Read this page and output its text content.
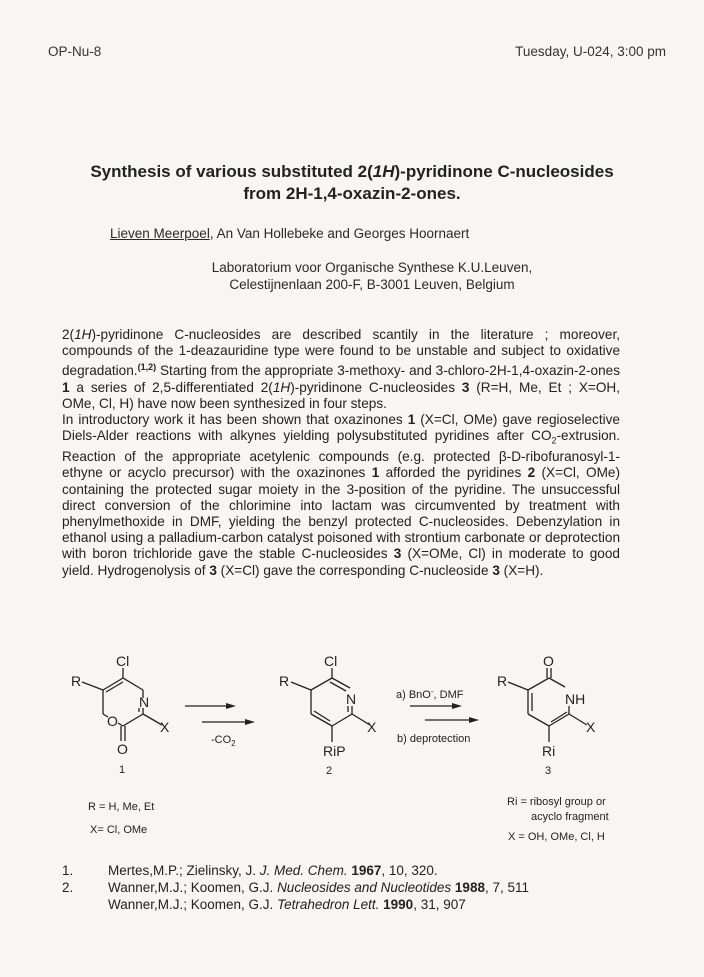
OP-Nu-8	Tuesday, U-024, 3:00 pm
Synthesis of various substituted 2(1H)-pyridinone C-nucleosides
from 2H-1,4-oxazin-2-ones.
Lieven Meerpoel, An Van Hollebeke and Georges Hoornaert
Laboratorium voor Organische Synthese K.U.Leuven,
Celestijnenlaan 200-F, B-3001 Leuven, Belgium

2(1H)-pyridinone C-nucleosides are described scantily in the literature ; moreover, compounds of the 1-deazauridine type were found to be unstable and subject to oxidative degradation.$^{(1,2)}$ Starting from the appropriate 3-methoxy- and 3-chloro-2H-1,4-oxazin-2-ones 1 a series of 2,5-differentiated 2(1H)-pyridinone C-nucleosides 3 (R=H, Me, Et ; X=OH, OMe, Cl, H) have now been synthesized in four steps.

In introductory work it has been shown that oxazinones 1 (X=Cl, OMe) gave regioselective Diels-Alder reactions with alkynes yielding polysubstituted pyridines after $CO_2$-extrusion. Reaction of the appropriate acetylenic compounds (e.g. protected β-D-ribofuranosyl-1-ethyne or acyclo precursor) with the oxazinones 1 afforded the pyridines 2 (X=Cl, OMe) containing the protected sugar moiety in the 3-position of the pyridine. The unsuccessful direct conversion of the chlorimine into lactam was circumvented by treatment with phenylmethoxide in DMF, yielding the benzyl protected C-nucleosides. Debenzylation in ethanol using a palladium-carbon catalyst poisoned with strontium carbonate or deprotection with boron trichloride gave the stable C-nucleosides 3 (X=OMe, Cl) in moderate to good yield. Hydrogenolysis of 3 (X=Cl) gave the corresponding C-nucleoside 3 (X=H).

Cl
R
N
O	X
O
1
R = H, Me, Et
X= Cl, OMe
$-CO_2$
Cl
R
N
X
RiP
2
a) BnO-, DMF
b) deprotection
O
R
NH
X
Ri
3
Ri = ribosyl group or
acyclo fragment
X = OH, OMe, Cl, H
1.	Mertes,M.P.; Zielinsky, J. J. Med. Chem. 1967, 10, 320.
2.	Wanner,M.J.; Koomen, G.J. Nucleosides and Nucleotides 1988, 7, 511
Wanner,M.J.; Koomen, G.J. Tetrahedron Lett. 1990, 31, 907
